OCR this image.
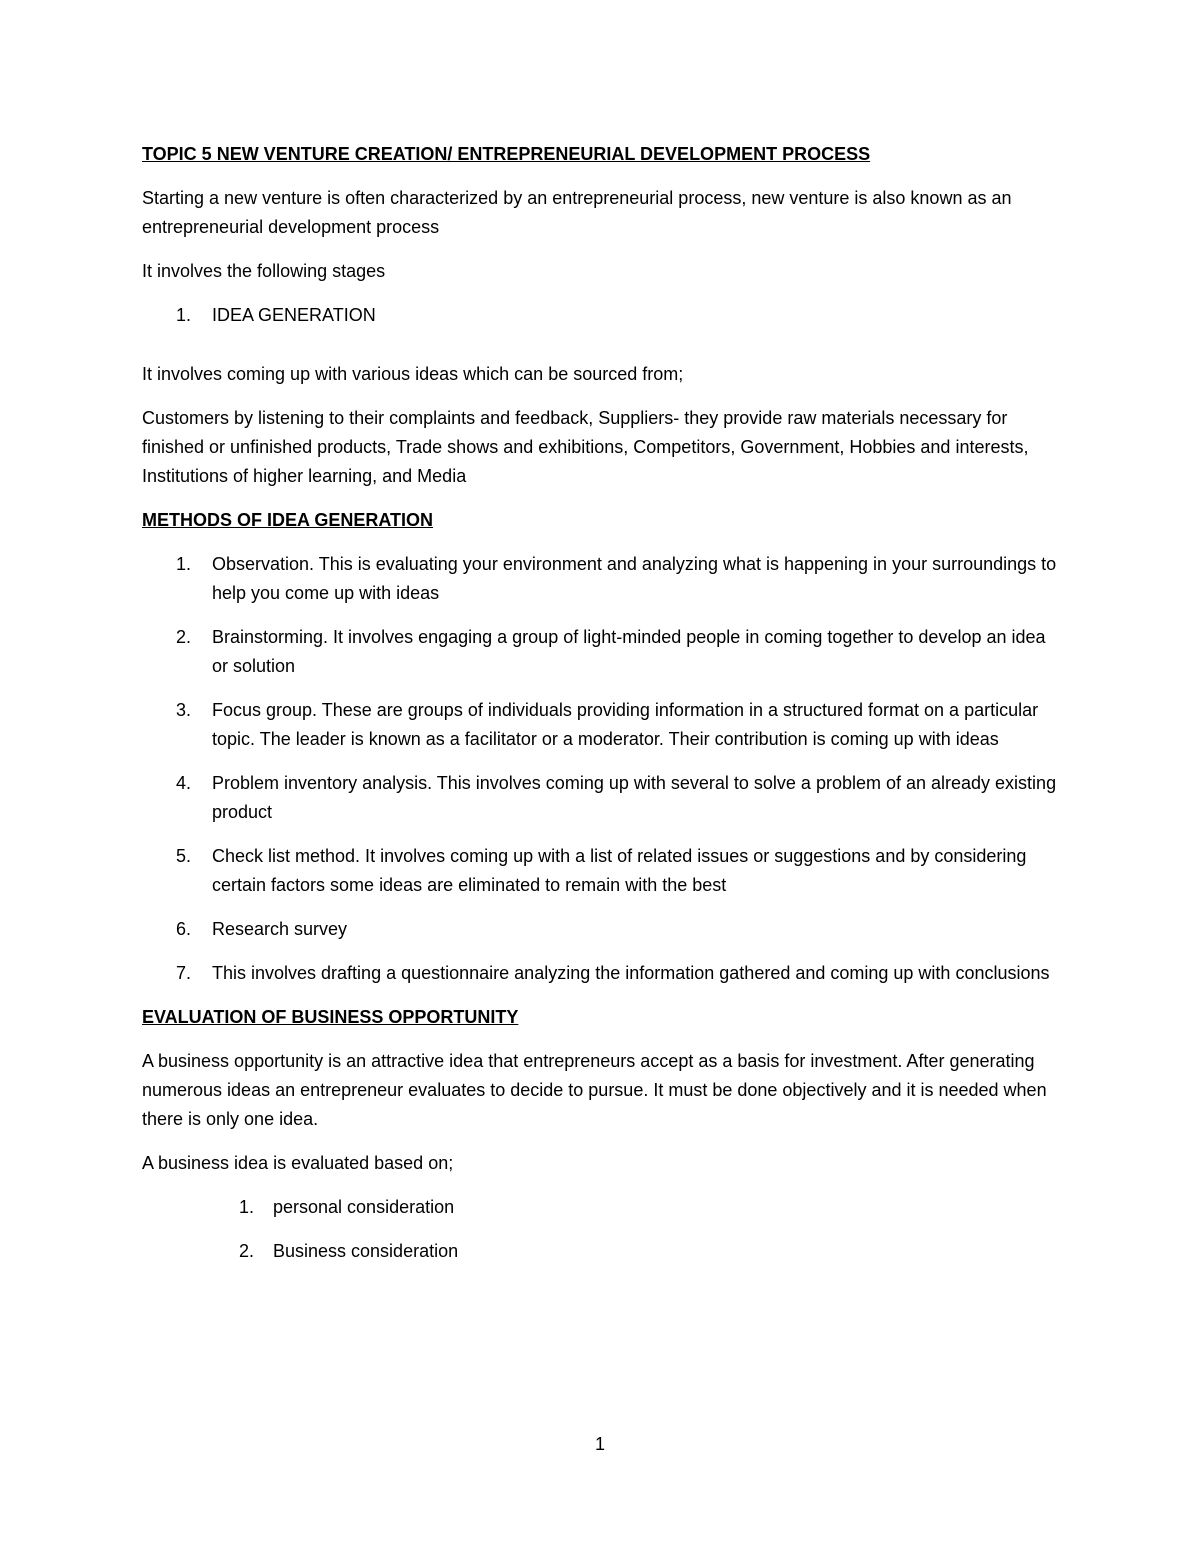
TOPIC 5 NEW VENTURE CREATION/ ENTREPRENEURIAL DEVELOPMENT PROCESS

Starting a new venture is often characterized by an entrepreneurial process, new venture is also known as an entrepreneurial development process

It involves the following stages

1. IDEA GENERATION

It involves coming up with various ideas which can be sourced from;

Customers by listening to their complaints and feedback, Suppliers- they provide raw materials necessary for finished or unfinished products, Trade shows and exhibitions, Competitors, Government, Hobbies and interests, Institutions of higher learning, and Media

METHODS OF IDEA GENERATION
1. Observation. This is evaluating your environment and analyzing what is happening in your surroundings to help you come up with ideas
2. Brainstorming. It involves engaging a group of light-minded people in coming together to develop an idea or solution
3. Focus group. These are groups of individuals providing information in a structured format on a particular topic. The leader is known as a facilitator or a moderator. Their contribution is coming up with ideas
4. Problem inventory analysis. This involves coming up with several to solve a problem of an already existing product
5. Check list method. It involves coming up with a list of related issues or suggestions and by considering certain factors some ideas are eliminated to remain with the best
6. Research survey
7. This involves drafting a questionnaire analyzing the information gathered and coming up with conclusions
EVALUATION OF BUSINESS OPPORTUNITY

A business opportunity is an attractive idea that entrepreneurs accept as a basis for investment. After generating numerous ideas an entrepreneur evaluates to decide to pursue. It must be done objectively and it is needed when there is only one idea.

A business idea is evaluated based on;

1. personal consideration
2. Business consideration
1
